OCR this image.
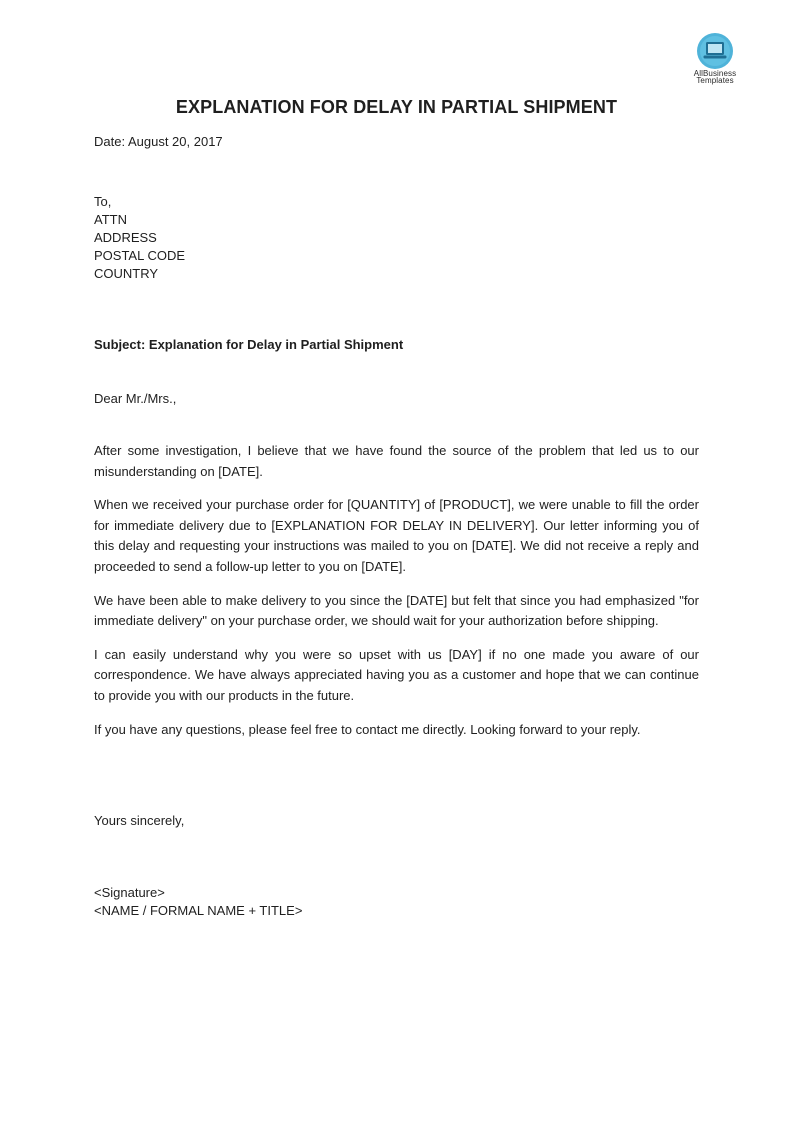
AllBusiness
Templates
EXPLANATION FOR DELAY IN PARTIAL SHIPMENT
Date: August 20, 2017
To,
ATTN
ADDRESS
POSTAL CODE
COUNTRY
Subject: Explanation for Delay in Partial Shipment
Dear Mr./Mrs.,

After some investigation, I believe that we have found the source of the problem that led us to our misunderstanding on [DATE].

When we received your purchase order for [QUANTITY] of [PRODUCT], we were unable to fill the order for immediate delivery due to [EXPLANATION FOR DELAY IN DELIVERY]. Our letter informing you of this delay and requesting your instructions was mailed to you on [DATE]. We did not receive a reply and proceeded to send a follow-up letter to you on [DATE].

We have been able to make delivery to you since the [DATE] but felt that since you had emphasized "for immediate delivery" on your purchase order, we should wait for your authorization before shipping.

I can easily understand why you were so upset with us [DAY] if no one made you aware of our correspondence. We have always appreciated having you as a customer and hope that we can continue to provide you with our products in the future.

If you have any questions, please feel free to contact me directly. Looking forward to your reply.

Yours sincerely,
<Signature>
<NAME / FORMAL NAME + TITLE>
